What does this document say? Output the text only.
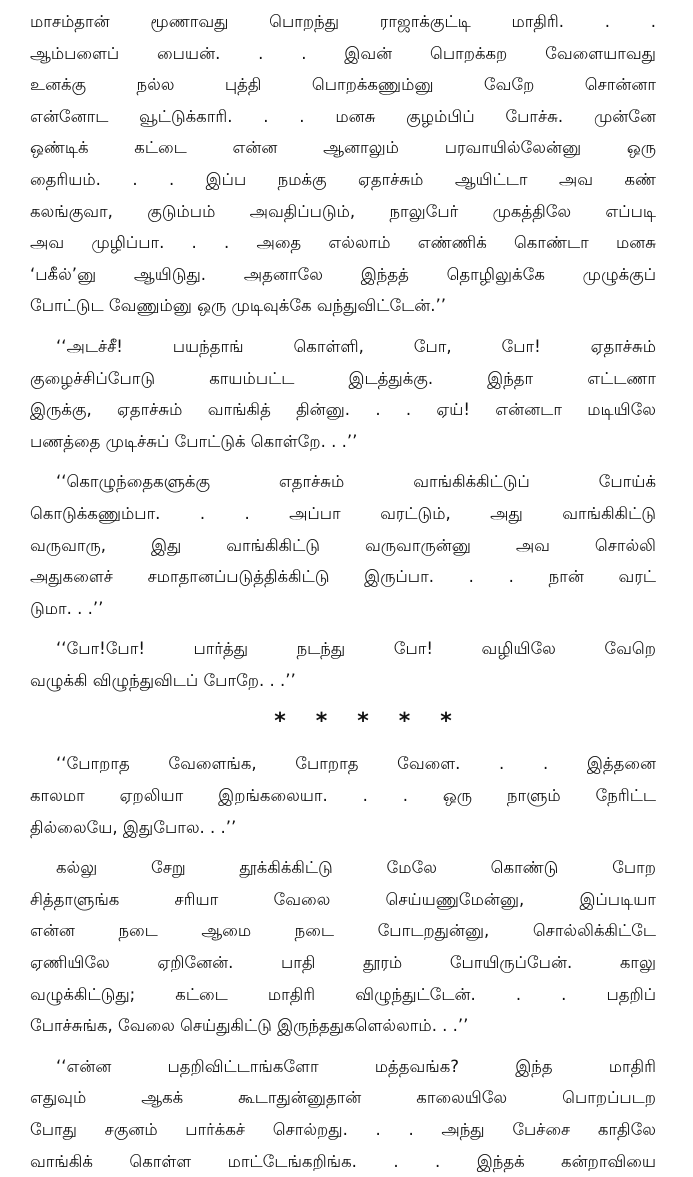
மாசம்தான் மூணாவது பொறந்து ராஜாக்குட்டி மாதிரி. . .
ஆம்பளைப் பையன். . . இவன் பொறக்கற வேளையாவது
உனக்கு நல்ல புத்தி பொறக்கணும்னு வேறே சொன்னா
என்னோட வூட்டுக்காரி. . . மனசு குழம்பிப் போச்சு. முன்னே
ஒண்டிக் கட்டை என்ன ஆனாலும் பரவாயில்லேன்னு ஒரு
தைரியம். . . இப்ப நமக்கு ஏதாச்சும் ஆயிட்டா அவ கண்
கலங்குவா, குடும்பம் அவதிப்படும், நாலுபேர் முகத்திலே எப்படி
அவ முழிப்பா. . . அதை எல்லாம் எண்ணிக் கொண்டா மனசு
‘பகீல்’னு ஆயிடுது. அதனாலே இந்தத் தொழிலுக்கே முழுக்குப்
போட்டுட வேணும்னு ஒரு முடிவுக்கே வந்துவிட்டேன்.’’
‘‘அடச்சீ! பயந்தாங் கொள்ளி, போ, போ! ஏதாச்சும்
குழைச்சிப்போடு காயம்பட்ட இடத்துக்கு. இந்தா எட்டணா
இருக்கு, ஏதாச்சும் வாங்கித் தின்னு. . . ஏய்! என்னடா மடியிலே
பணத்தை முடிச்சுப் போட்டுக் கொள்றே. . .’’
‘‘கொழுந்தைகளுக்கு எதாச்சும் வாங்கிக்கிட்டுப் போய்க்
கொடுக்கணும்பா. . . அப்பா வரட்டும், அது வாங்கிகிட்டு
வருவாரு, இது வாங்கிகிட்டு வருவாருன்னு அவ சொல்லி
அதுகளைச் சமாதானப்படுத்திக்கிட்டு இருப்பா. . . நான் வரட்
டுமா. . .’’
‘‘போ!போ! பார்த்து நடந்து போ! வழியிலே வேறெ
வழுக்கி விழுந்துவிடப் போறே. . .’’
* * * * *
‘‘போறாத வேளைங்க, போறாத வேளை. . . இத்தனை
காலமா ஏறலியா இறங்கலையா. . . ஒரு நாளும் நேரிட்ட
தில்லையே, இதுபோல. . .’’
கல்லு சேறு தூக்கிக்கிட்டு மேலே கொண்டு போற
சித்தாளுங்க சரியா வேலை செய்யணுமேன்னு, இப்படியா
என்ன நடை ஆமை நடை போடறதுன்னு, சொல்லிக்கிட்டே
ஏணியிலே ஏறினேன். பாதி தூரம் போயிருப்பேன். காலு
வழுக்கிட்டுது; கட்டை மாதிரி விழுந்துட்டேன். . . பதறிப்
போச்சுங்க, வேலை செய்துகிட்டு இருந்ததுகளெல்லாம். . .’’
‘‘என்ன பதறிவிட்டாங்களோ மத்தவங்க? இந்த மாதிரி
எதுவும் ஆகக் கூடாதுன்னுதான் காலையிலே பொறப்படற
போது சகுனம் பார்க்கச் சொல்றது. . . அந்து பேச்சை காதிலே
வாங்கிக் கொள்ள மாட்டேங்கறிங்க. . . இந்தக் கன்றாவியை
